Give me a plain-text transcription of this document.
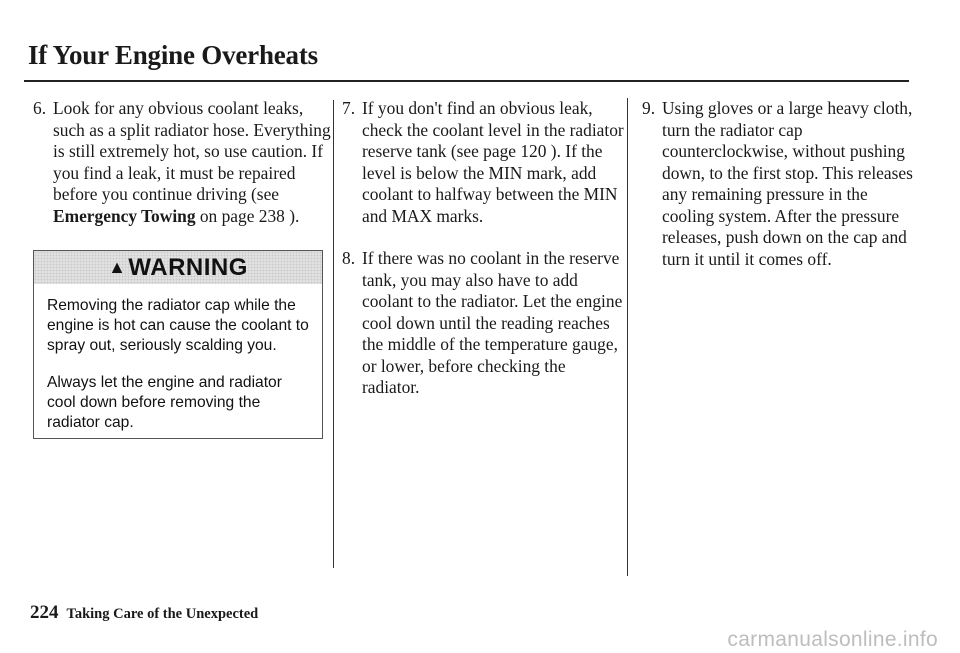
If Your Engine Overheats
6. Look for any obvious coolant leaks, such as a split radiator hose. Everything is still extremely hot, so use caution. If you find a leak, it must be repaired before you continue driving (see Emergency Towing on page 238 ).

▲ WARNING

Removing the radiator cap while the engine is hot can cause the coolant to spray out, seriously scalding you.

Always let the engine and radiator cool down before removing the radiator cap.

7. If you don't find an obvious leak, check the coolant level in the radiator reserve tank (see page 120 ). If the level is below the MIN mark, add coolant to halfway between the MIN and MAX marks.

8. If there was no coolant in the reserve tank, you may also have to add coolant to the radiator. Let the engine cool down until the reading reaches the middle of the temperature gauge, or lower, before checking the radiator.

9. Using gloves or a large heavy cloth, turn the radiator cap counterclockwise, without pushing down, to the first stop. This releases any remaining pressure in the cooling system. After the pressure releases, push down on the cap and turn it until it comes off.

224 Taking Care of the Unexpected
carmanualsonline.info
